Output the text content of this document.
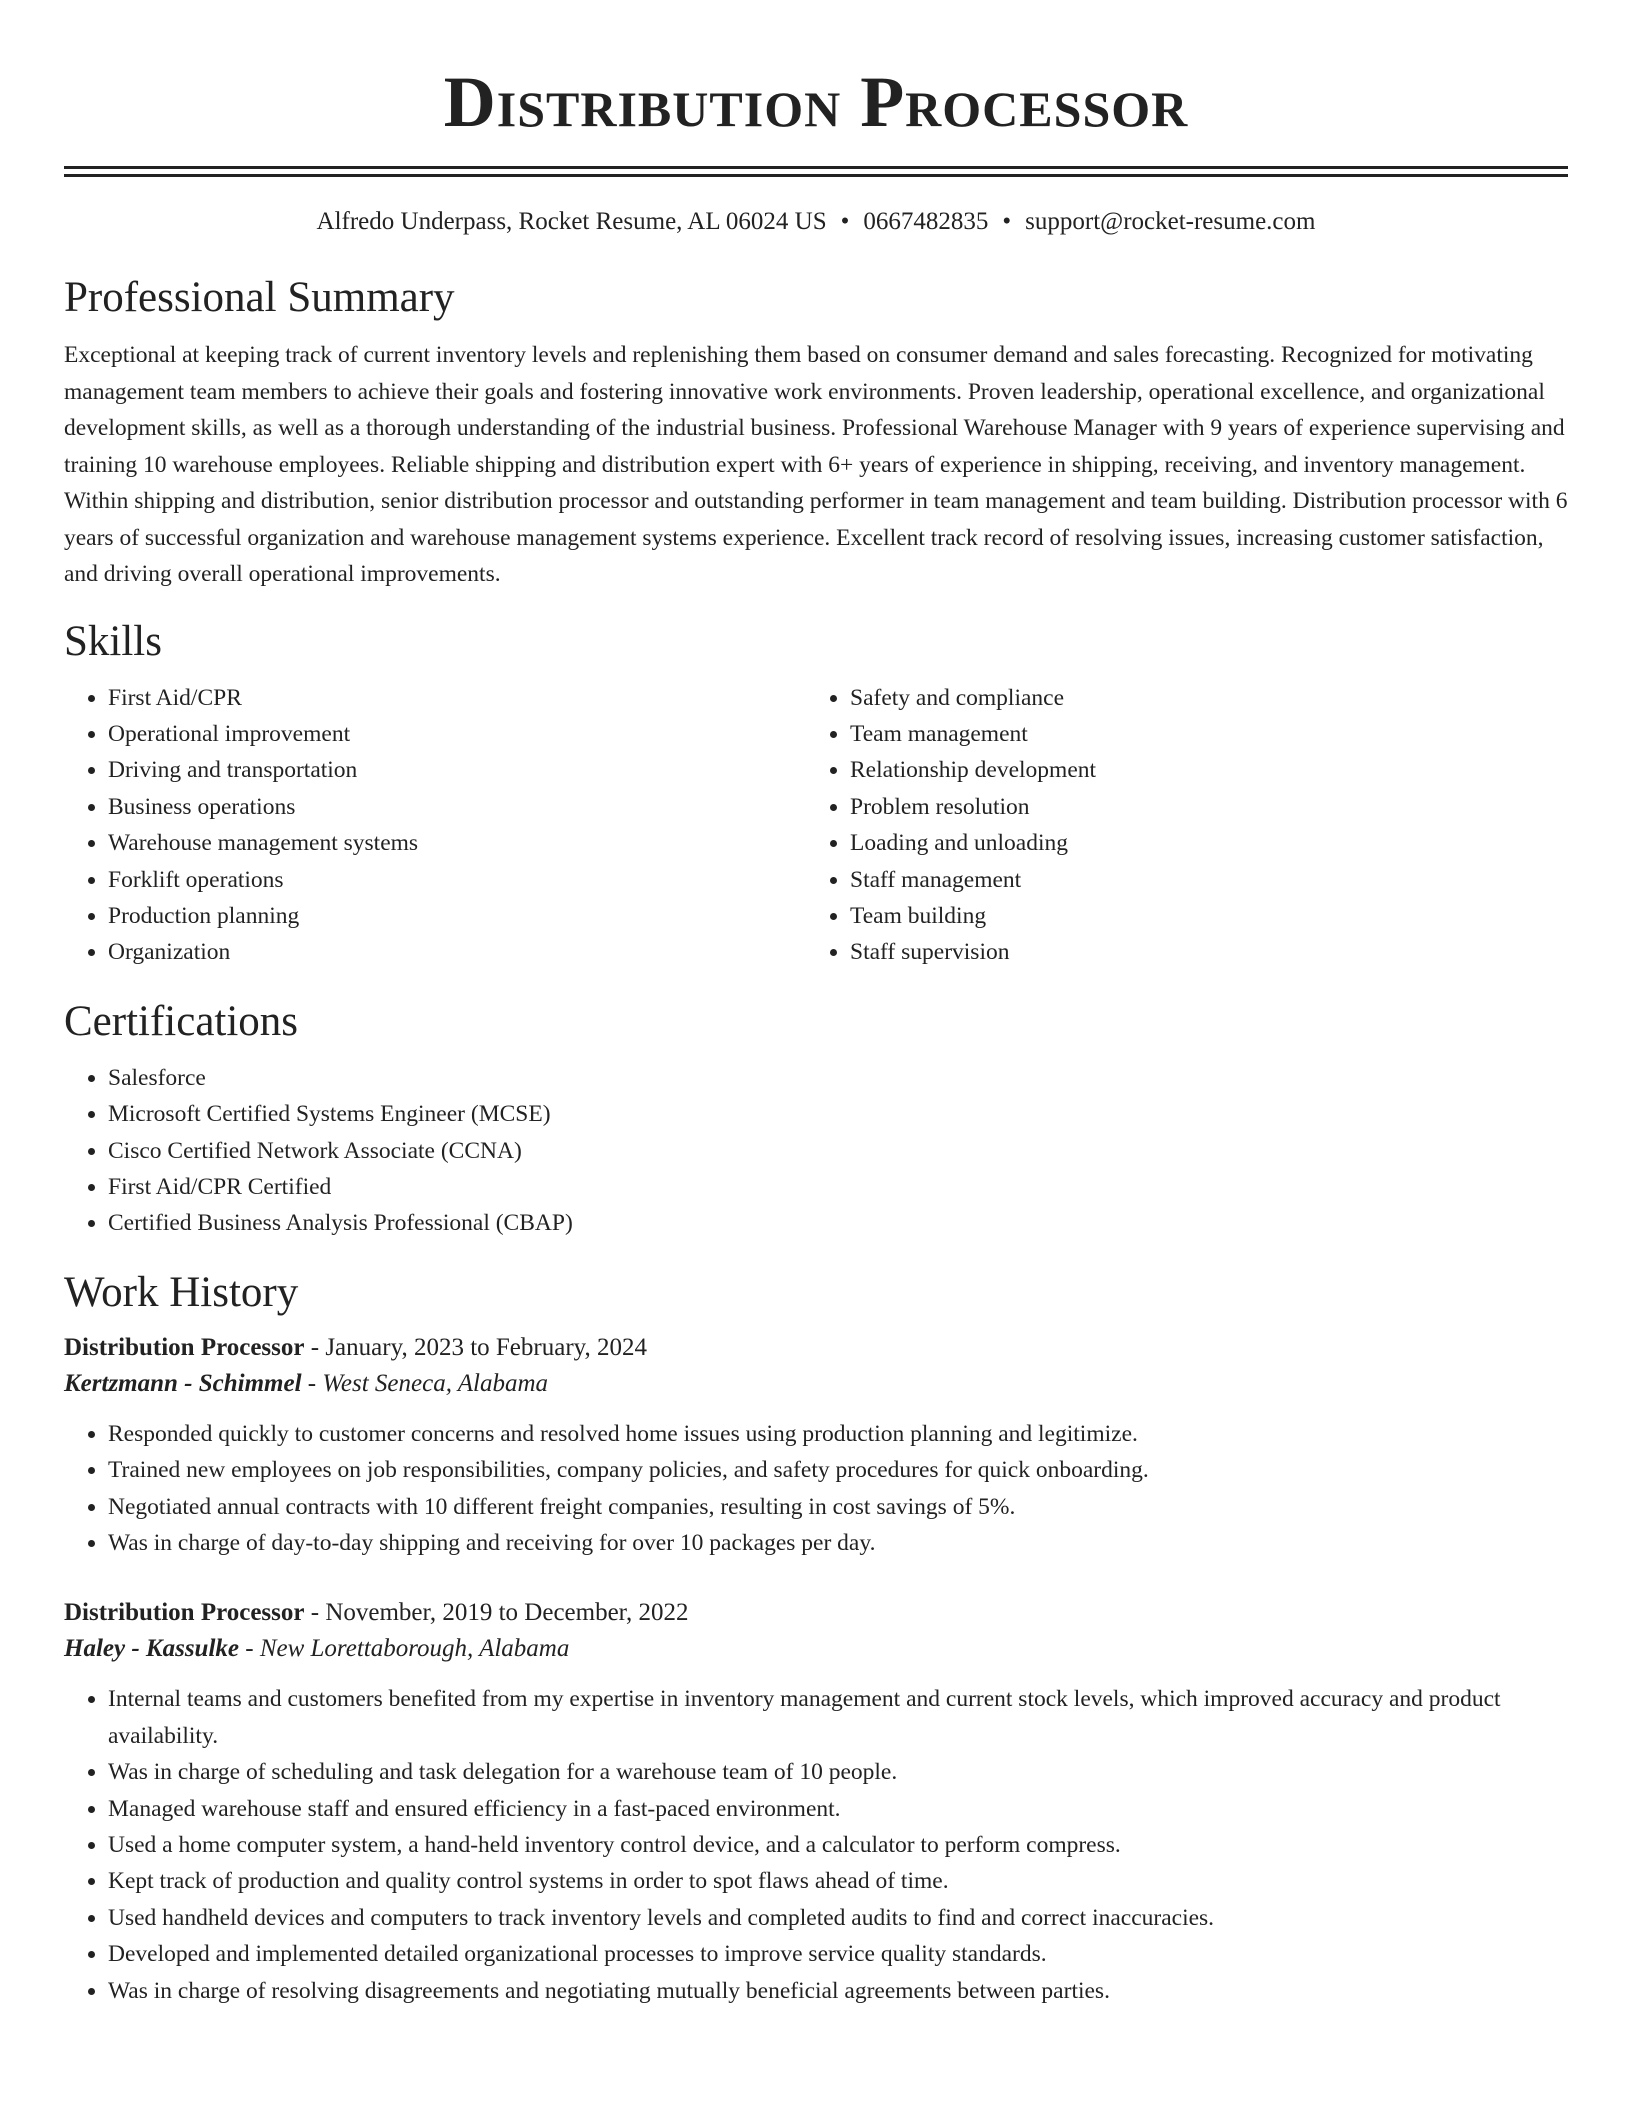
Distribution Processor
Alfredo Underpass, Rocket Resume, AL 06024 US • 0667482835 • support@rocket-resume.com
Professional Summary

Exceptional at keeping track of current inventory levels and replenishing them based on consumer demand and sales forecasting. Recognized for motivating management team members to achieve their goals and fostering innovative work environments. Proven leadership, operational excellence, and organizational development skills, as well as a thorough understanding of the industrial business. Professional Warehouse Manager with 9 years of experience supervising and training 10 warehouse employees. Reliable shipping and distribution expert with 6+ years of experience in shipping, receiving, and inventory management. Within shipping and distribution, senior distribution processor and outstanding performer in team management and team building. Distribution processor with 6 years of successful organization and warehouse management systems experience. Excellent track record of resolving issues, increasing customer satisfaction, and driving overall operational improvements.

Skills
• First Aid/CPR
• Operational improvement
• Driving and transportation
• Business operations
• Warehouse management systems
• Forklift operations
• Production planning
• Organization
• Safety and compliance
• Team management
• Relationship development
• Problem resolution
• Loading and unloading
• Staff management
• Team building
• Staff supervision
Certifications
• Salesforce
• Microsoft Certified Systems Engineer (MCSE)
• Cisco Certified Network Associate (CCNA)
• First Aid/CPR Certified
• Certified Business Analysis Professional (CBAP)
Work History
Distribution Processor - January, 2023 to February, 2024
Kertzmann - Schimmel - West Seneca, Alabama
• Responded quickly to customer concerns and resolved home issues using production planning and legitimize.
• Trained new employees on job responsibilities, company policies, and safety procedures for quick onboarding.
• Negotiated annual contracts with 10 different freight companies, resulting in cost savings of 5%.
• Was in charge of day-to-day shipping and receiving for over 10 packages per day.
Distribution Processor - November, 2019 to December, 2022
Haley - Kassulke - New Lorettaborough, Alabama
• Internal teams and customers benefited from my expertise in inventory management and current stock levels, which improved accuracy and product availability.
• Was in charge of scheduling and task delegation for a warehouse team of 10 people.
• Managed warehouse staff and ensured efficiency in a fast-paced environment.
• Used a home computer system, a hand-held inventory control device, and a calculator to perform compress.
• Kept track of production and quality control systems in order to spot flaws ahead of time.
• Used handheld devices and computers to track inventory levels and completed audits to find and correct inaccuracies.
• Developed and implemented detailed organizational processes to improve service quality standards.
• Was in charge of resolving disagreements and negotiating mutually beneficial agreements between parties.
